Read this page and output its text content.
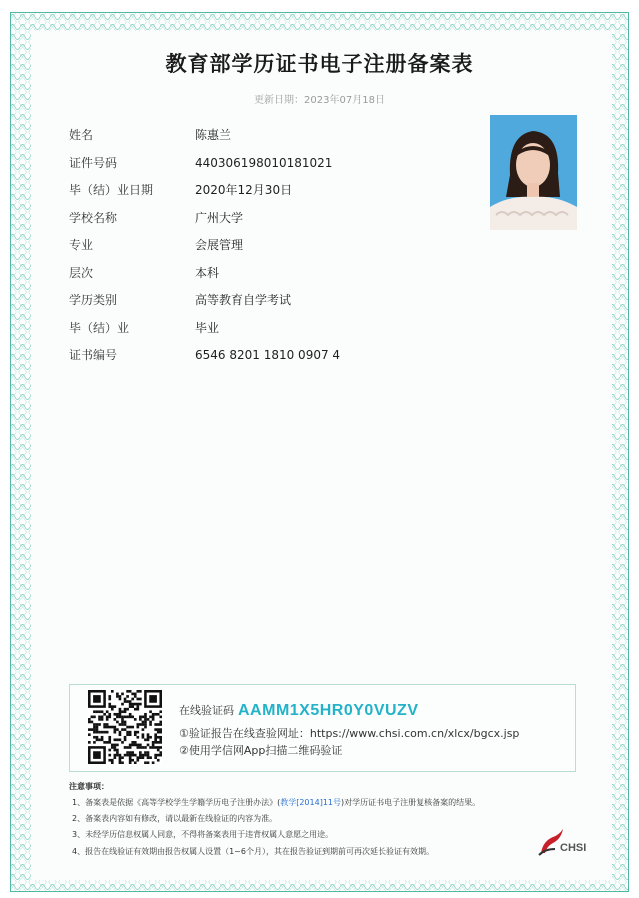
教育部学历证书电子注册备案表
更新日期：2023年07月18日
姓名	陈惠兰
证件号码	440306198010181021
毕（结）业日期	2020年12月30日
学校名称	广州大学
专业	会展管理
层次	本科
学历类别	高等教育自学考试
毕（结）业	毕业
证书编号	6546 8201 1810 0907 4
在线验证码 AAMM1X5HR0Y0VUZV
①验证报告在线查验网址：https://www.chsi.com.cn/xlcx/bgcx.jsp
②使用学信网App扫描二维码验证
注意事项：
1、备案表是依据《高等学校学生学籍学历电子注册办法》(教学[2014]11号)对学历证书电子注册复核备案的结果。
2、备案表内容如有修改，请以最新在线验证的内容为准。
3、未经学历信息权属人同意，不得将备案表用于违背权属人意愿之用途。
4、报告在线验证有效期由报告权属人设置（1~6个月），其在报告验证到期前可再次延长验证有效期。	CHSI
